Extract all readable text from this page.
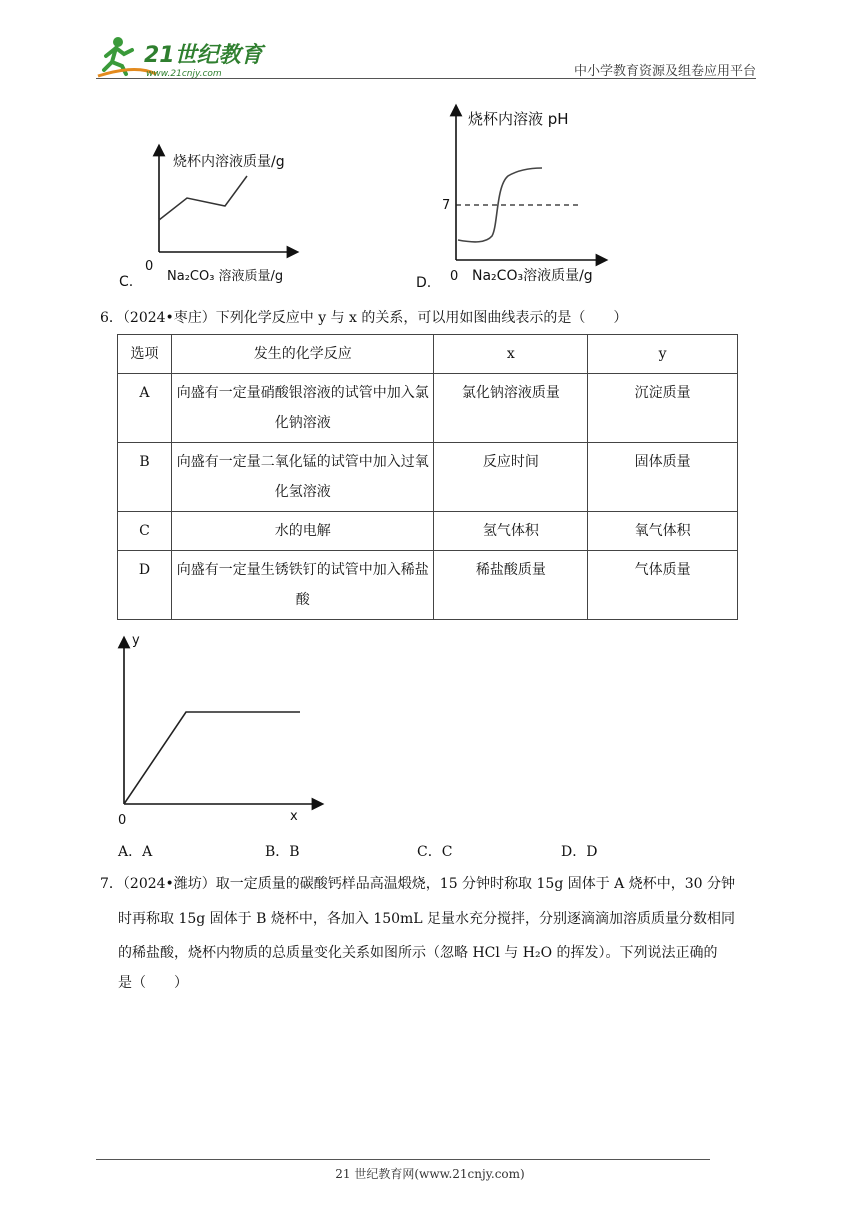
21世纪教育
www.21cnjy.com	中小学教育资源及组卷应用平台
烧杯内溶液质量/g
0
Na₂CO₃ 溶液质量/g
C.
烧杯内溶液 pH
7
0 Na₂CO₃溶液质量/g
D.
6．（2024•枣庄）下列化学反应中 y 与 x 的关系，可以用如图曲线表示的是（　　）
选项	发生的化学反应	x	y
A	向盛有一定量硝酸银溶液的试管中加入氯化钠溶液	氯化钠溶液质量	沉淀质量
B	向盛有一定量二氧化锰的试管中加入过氧化氢溶液	反应时间	固体质量
C	水的电解	氢气体积	氧气体积
D	向盛有一定量生锈铁钉的试管中加入稀盐酸	稀盐酸质量	气体质量
y
0	x
A．A	B．B	C．C	D．D
7．（2024•潍坊）取一定质量的碳酸钙样品高温煅烧，15 分钟时称取 15g 固体于 A 烧杯中，30 分钟
时再称取 15g 固体于 B 烧杯中，各加入 150mL 足量水充分搅拌，分别逐滴滴加溶质质量分数相同
的稀盐酸，烧杯内物质的总质量变化关系如图所示（忽略 HCl 与 H₂O 的挥发）。下列说法正确的
是（　　）
21 世纪教育网(www.21cnjy.com)
